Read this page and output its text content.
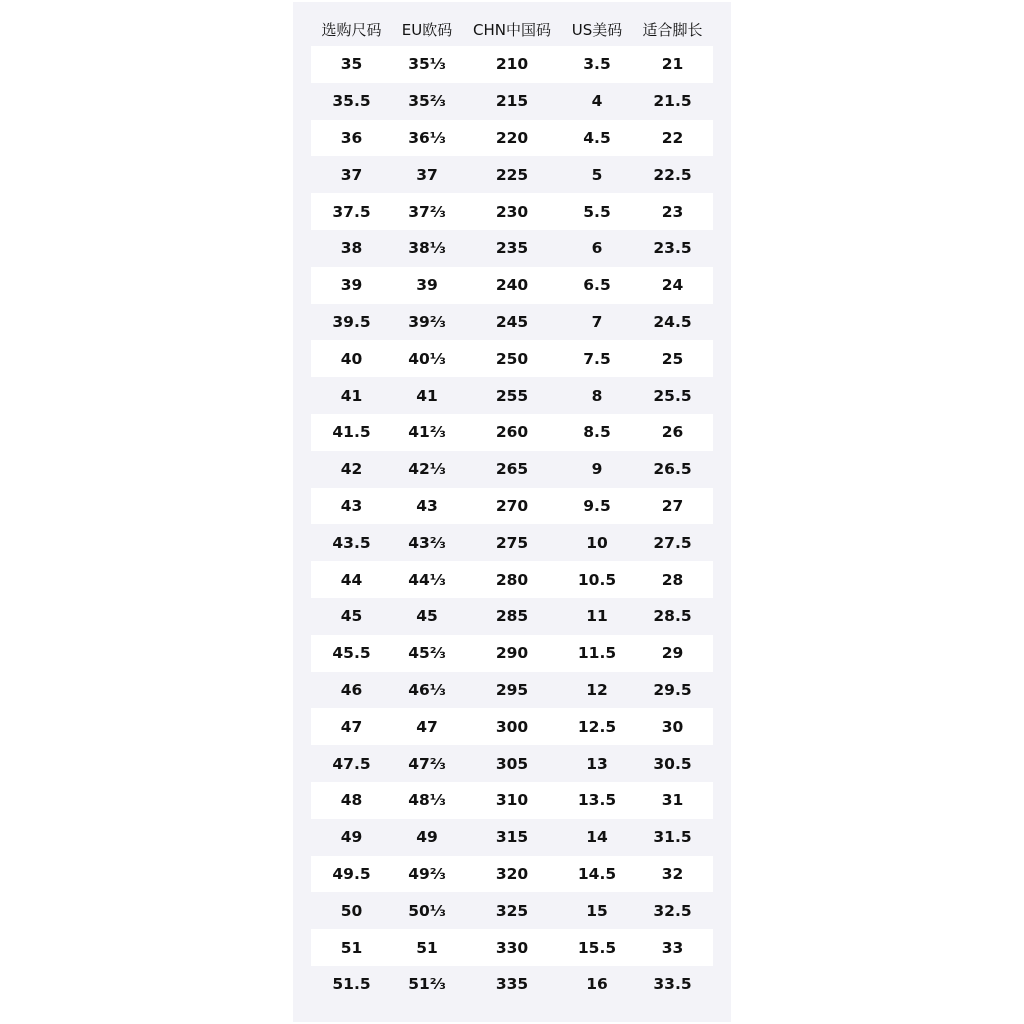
选购尺码	EU欧码	CHN中国码	US美码	适合脚长
35	35⅓	210	3.5	21
35.5	35⅔	215	4	21.5
36	36⅓	220	4.5	22
37	37	225	5	22.5
37.5	37⅔	230	5.5	23
38	38⅓	235	6	23.5
39	39	240	6.5	24
39.5	39⅔	245	7	24.5
40	40⅓	250	7.5	25
41	41	255	8	25.5
41.5	41⅔	260	8.5	26
42	42⅓	265	9	26.5
43	43	270	9.5	27
43.5	43⅔	275	10	27.5
44	44⅓	280	10.5	28
45	45	285	11	28.5
45.5	45⅔	290	11.5	29
46	46⅓	295	12	29.5
47	47	300	12.5	30
47.5	47⅔	305	13	30.5
48	48⅓	310	13.5	31
49	49	315	14	31.5
49.5	49⅔	320	14.5	32
50	50⅓	325	15	32.5
51	51	330	15.5	33
51.5	51⅔	335	16	33.5
